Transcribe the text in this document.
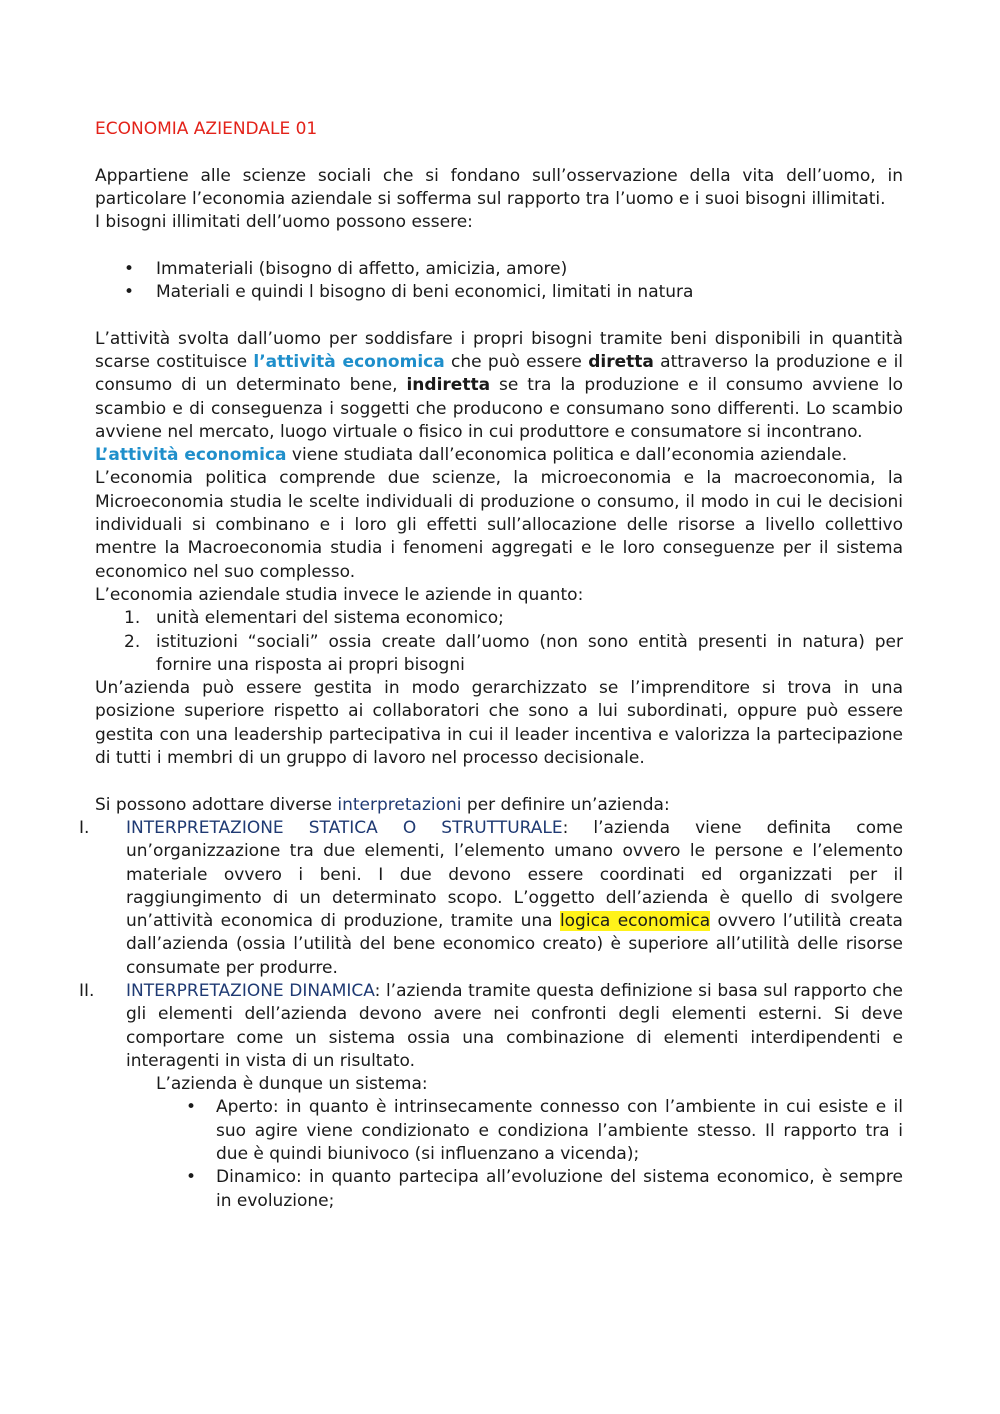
ECONOMIA AZIENDALE 01

Appartiene alle scienze sociali che si fondano sull’osservazione della vita dell’uomo, in particolare l’economia aziendale si sofferma sul rapporto tra l’uomo e i suoi bisogni illimitati.

I bisogni illimitati dell’uomo possono essere:

• Immateriali (bisogno di affetto, amicizia, amore)
• Materiali e quindi l bisogno di beni economici, limitati in natura

L’attività svolta dall’uomo per soddisfare i propri bisogni tramite beni disponibili in quantità scarse costituisce l’attività economica che può essere diretta attraverso la produzione e il consumo di un determinato bene, indiretta se tra la produzione e il consumo avviene lo scambio e di conseguenza i soggetti che producono e consumano sono differenti. Lo scambio avviene nel mercato, luogo virtuale o fisico in cui produttore e consumatore si incontrano.

L’attività economica viene studiata dall’economica politica e dall’economia aziendale.

L’economia politica comprende due scienze, la microeconomia e la macroeconomia, la Microeconomia studia le scelte individuali di produzione o consumo, il modo in cui le decisioni individuali si combinano e i loro gli effetti sull’allocazione delle risorse a livello collettivo mentre la Macroeconomia studia i fenomeni aggregati e le loro conseguenze per il sistema economico nel suo complesso.

L’economia aziendale studia invece le aziende in quanto:

1. unità elementari del sistema economico;
2. istituzioni “sociali” ossia create dall’uomo (non sono entità presenti in natura) per fornire una risposta ai propri bisogni

Un’azienda può essere gestita in modo gerarchizzato se l’imprenditore si trova in una posizione superiore rispetto ai collaboratori che sono a lui subordinati, oppure può essere gestita con una leadership partecipativa in cui il leader incentiva e valorizza la partecipazione di tutti i membri di un gruppo di lavoro nel processo decisionale.

Si possono adottare diverse interpretazioni per definire un’azienda:

I. INTERPRETAZIONE STATICA O STRUTTURALE: l’azienda viene definita come un’organizzazione tra due elementi, l’elemento umano ovvero le persone e l’elemento materiale ovvero i beni. I due devono essere coordinati ed organizzati per il raggiungimento di un determinato scopo. L’oggetto dell’azienda è quello di svolgere un’attività economica di produzione, tramite una logica economica ovvero l’utilità creata dall’azienda (ossia l’utilità del bene economico creato) è superiore all’utilità delle risorse consumate per produrre.
II. INTERPRETAZIONE DINAMICA: l’azienda tramite questa definizione si basa sul rapporto che gli elementi dell’azienda devono avere nei confronti degli elementi esterni. Si deve comportare come un sistema ossia una combinazione di elementi interdipendenti e interagenti in vista di un risultato.

L’azienda è dunque un sistema:

• Aperto: in quanto è intrinsecamente connesso con l’ambiente in cui esiste e il suo agire viene condizionato e condiziona l’ambiente stesso. Il rapporto tra i due è quindi biunivoco (si influenzano a vicenda);
• Dinamico: in quanto partecipa all’evoluzione del sistema economico, è sempre in evoluzione;
